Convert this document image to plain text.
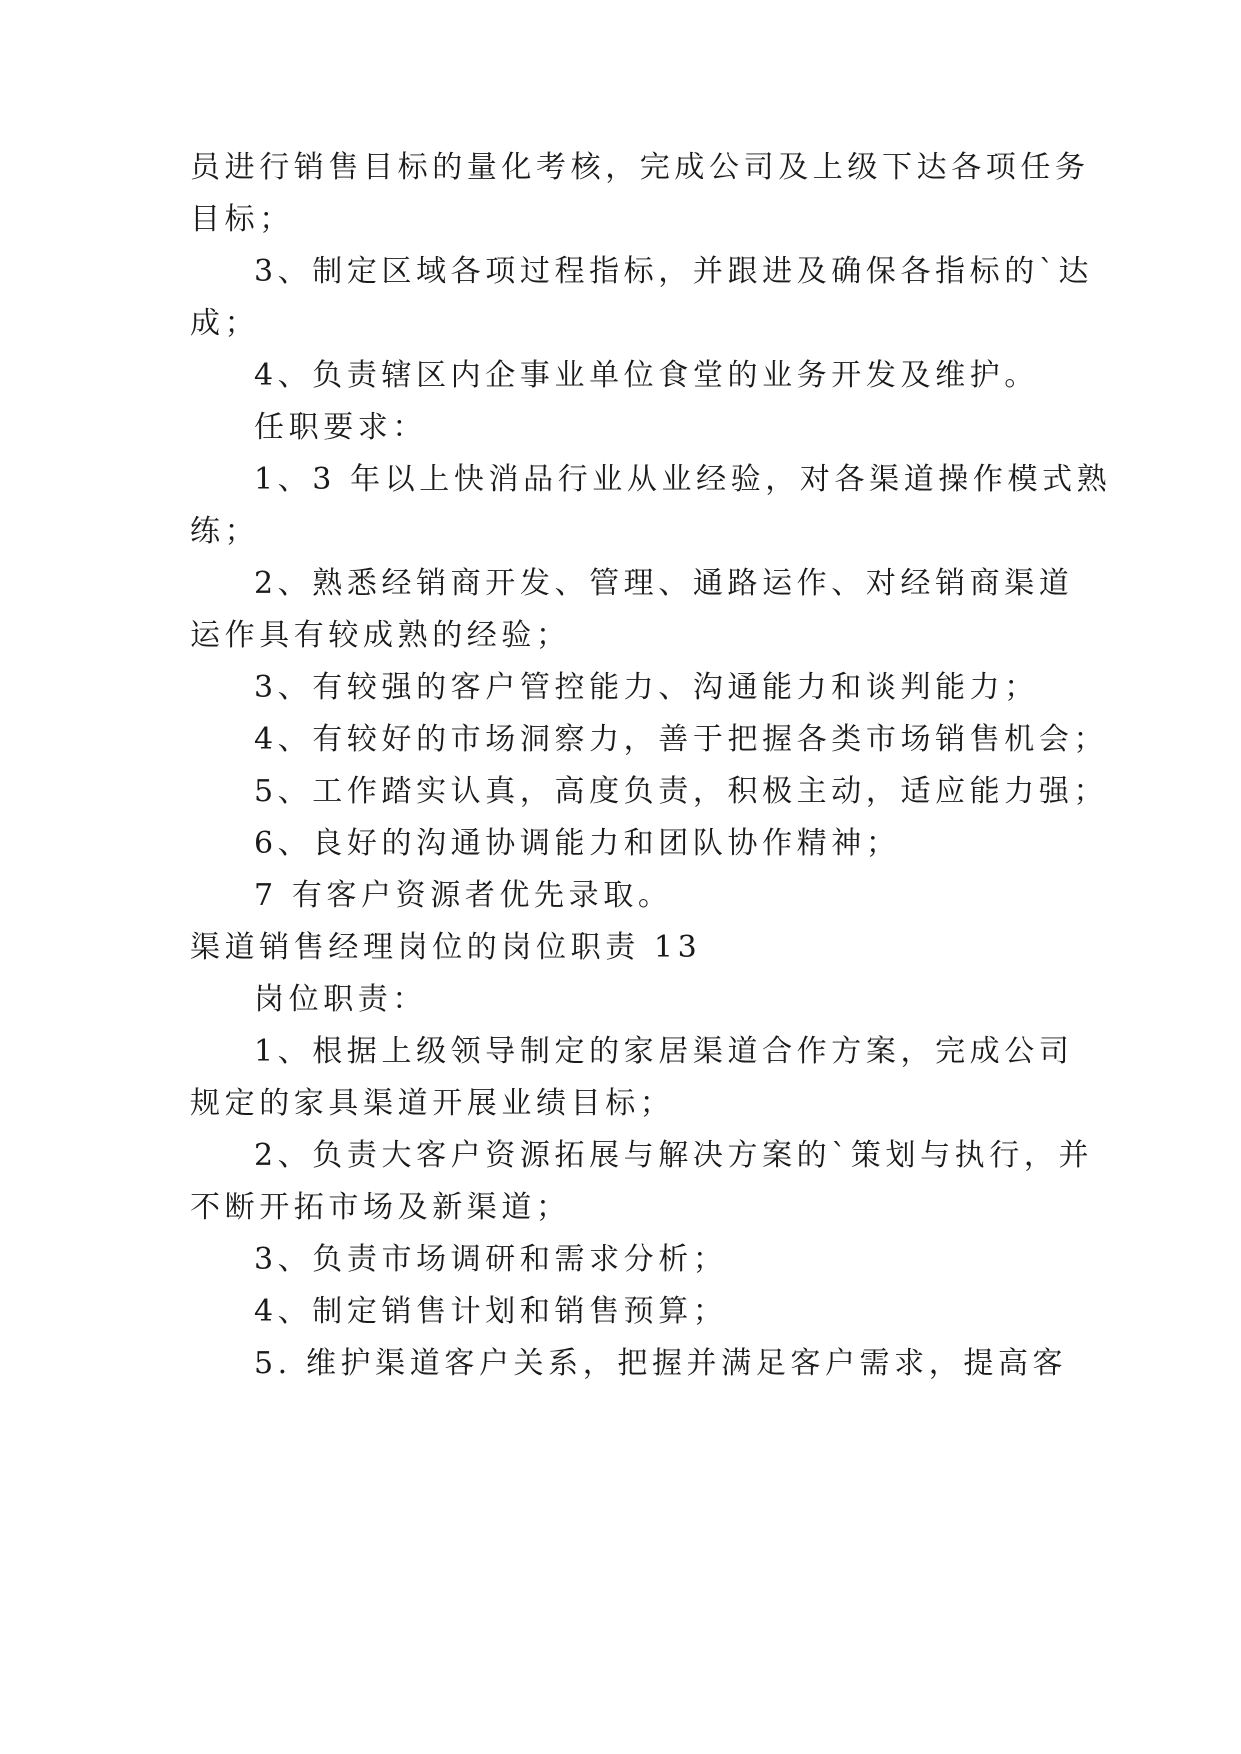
员进行销售目标的量化考核，完成公司及上级下达各项任务
目标；
3、制定区域各项过程指标，并跟进及确保各指标的`达
成；
4、负责辖区内企事业单位食堂的业务开发及维护。
任职要求：
1、3 年以上快消品行业从业经验，对各渠道操作模式熟
练；
2、熟悉经销商开发、管理、通路运作、对经销商渠道
运作具有较成熟的经验；
3、有较强的客户管控能力、沟通能力和谈判能力；
4、有较好的市场洞察力，善于把握各类市场销售机会；
5、工作踏实认真，高度负责，积极主动，适应能力强；
6、良好的沟通协调能力和团队协作精神；
7 有客户资源者优先录取。
渠道销售经理岗位的岗位职责 13
岗位职责：
1、根据上级领导制定的家居渠道合作方案，完成公司
规定的家具渠道开展业绩目标；
2、负责大客户资源拓展与解决方案的`策划与执行，并
不断开拓市场及新渠道；
3、负责市场调研和需求分析；
4、制定销售计划和销售预算；
5. 维护渠道客户关系，把握并满足客户需求，提高客
